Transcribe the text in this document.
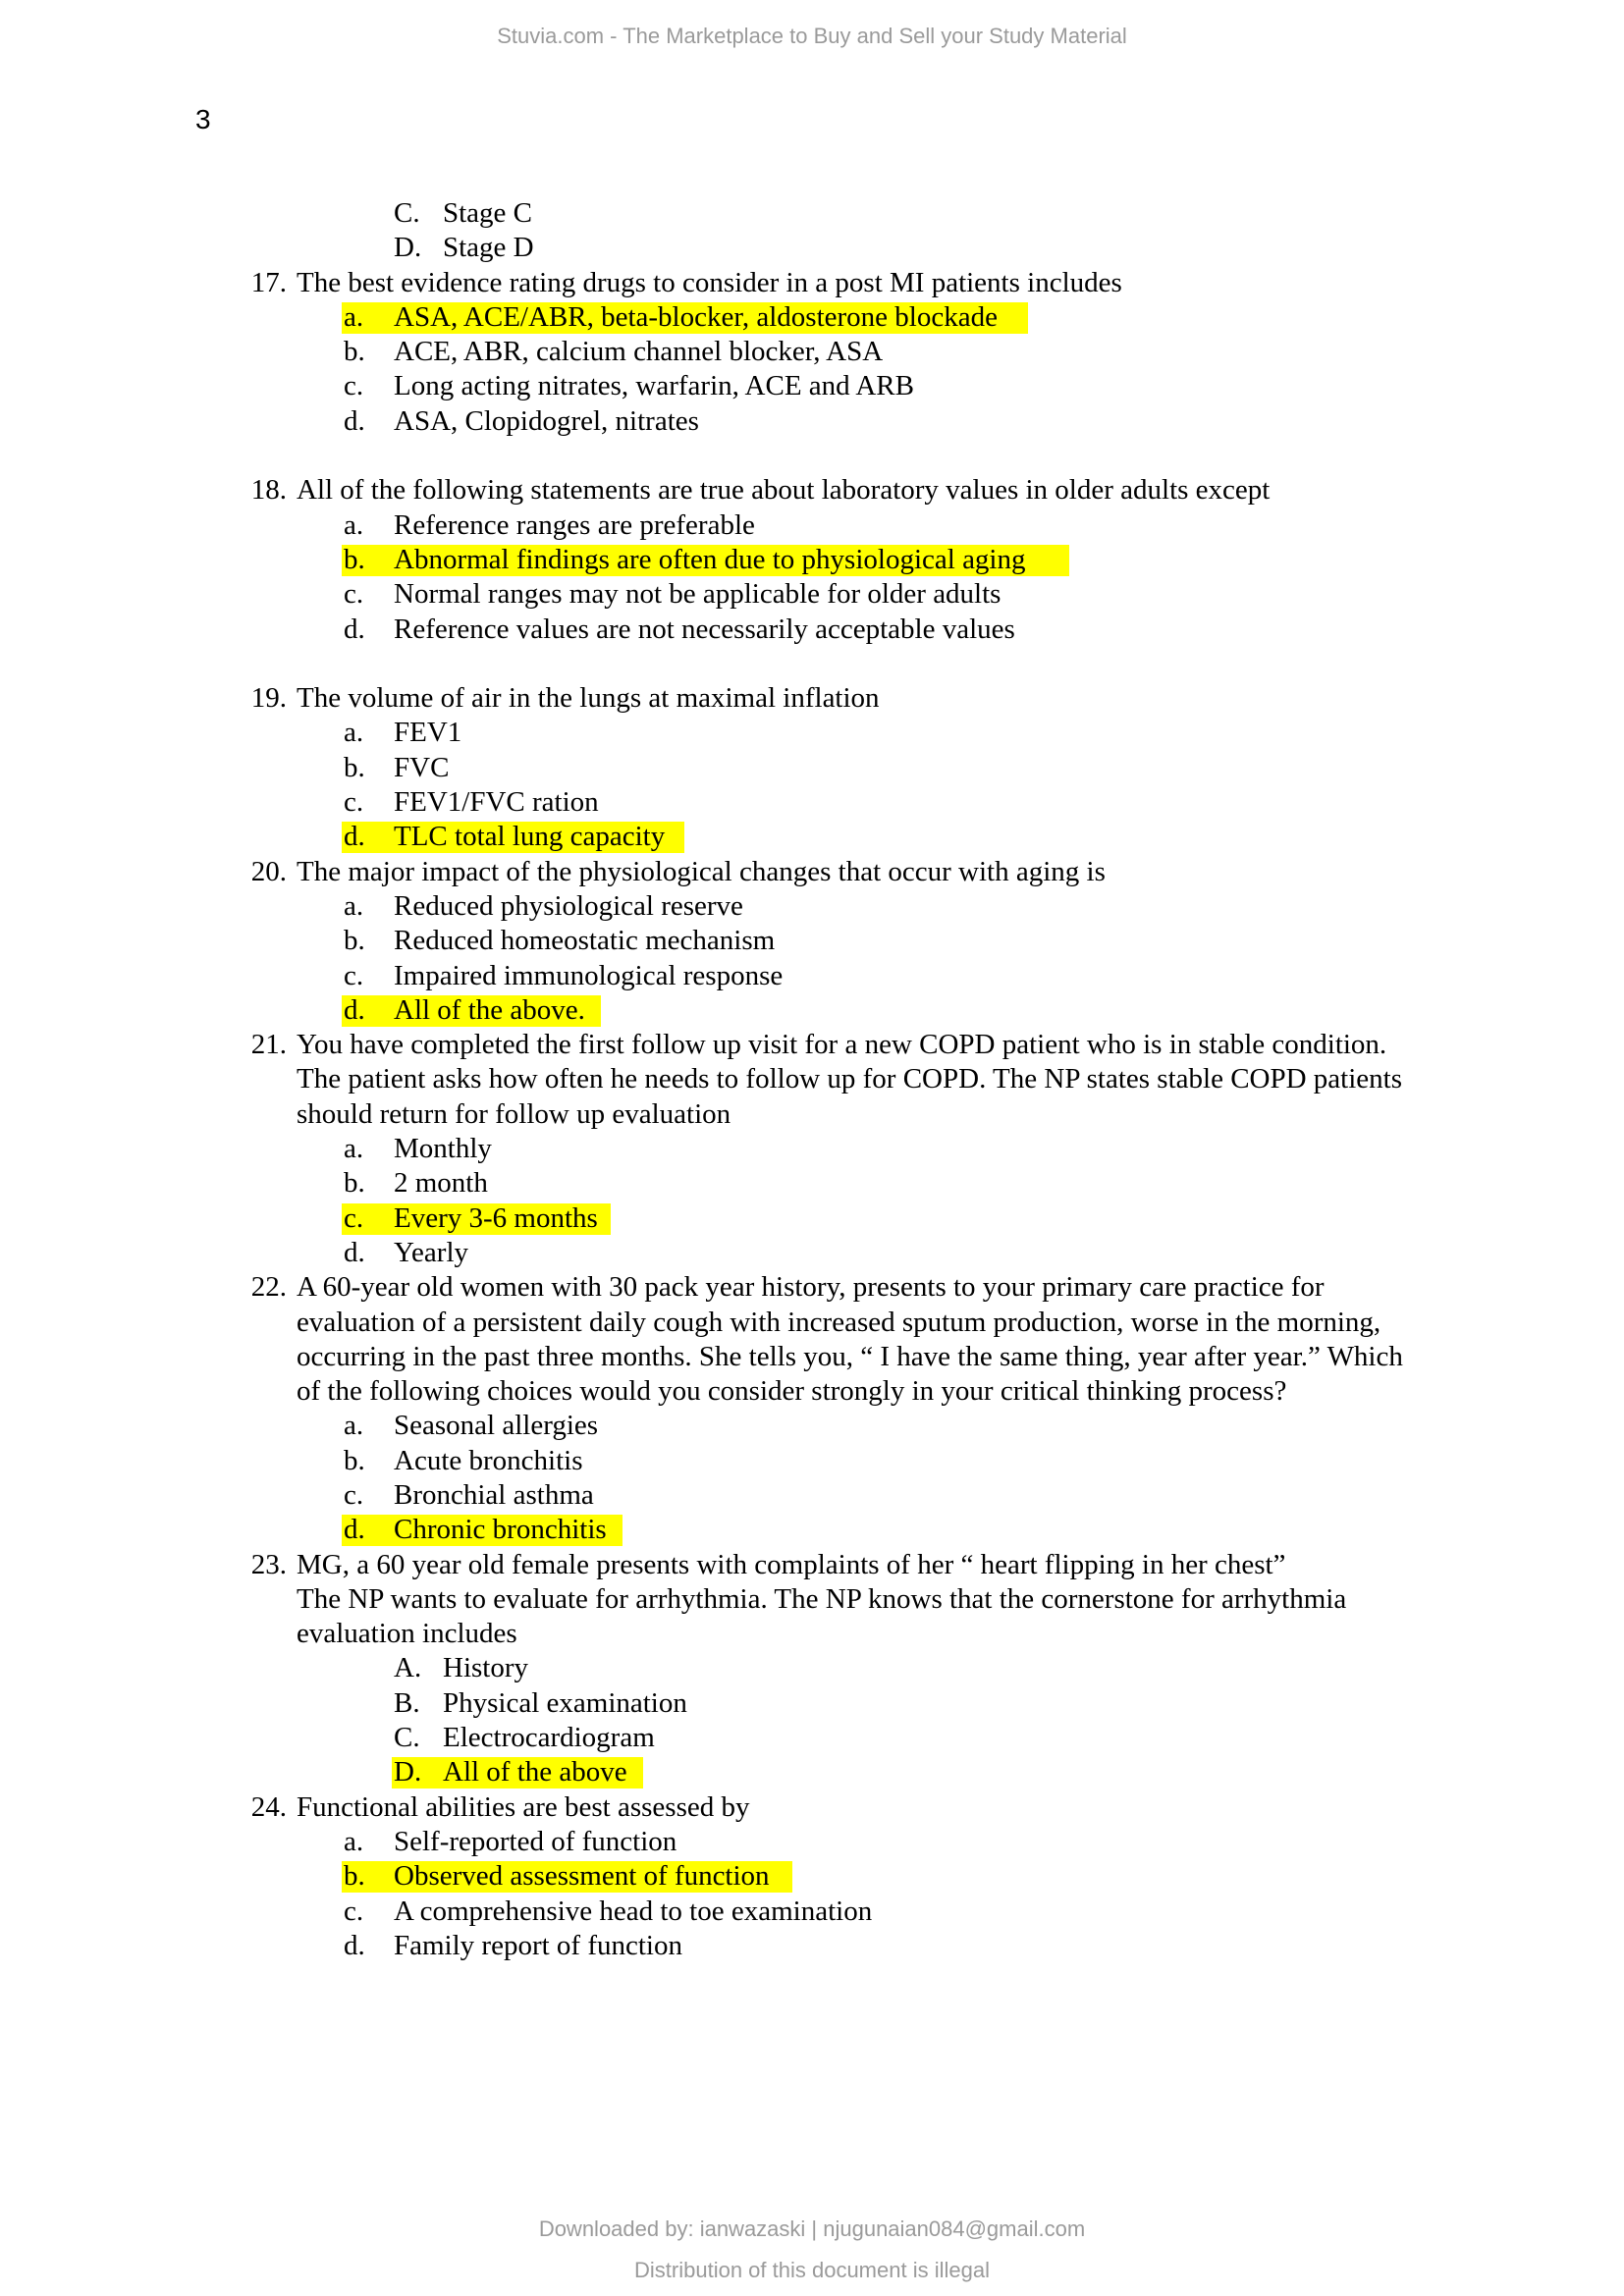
Stuvia.com - The Marketplace to Buy and Sell your Study Material
3
C. Stage C
D. Stage D
17. The best evidence rating drugs to consider in a post MI patients includes
a. ASA, ACE/ABR, beta-blocker, aldosterone blockade
b. ACE, ABR, calcium channel blocker, ASA
c. Long acting nitrates, warfarin, ACE and ARB
d. ASA, Clopidogrel, nitrates
18. All of the following statements are true about laboratory values in older adults except
a. Reference ranges are preferable
b. Abnormal findings are often due to physiological aging
c. Normal ranges may not be applicable for older adults
d. Reference values are not necessarily acceptable values
19. The volume of air in the lungs at maximal inflation
a. FEV1
b. FVC
c. FEV1/FVC ration
d. TLC total lung capacity
20. The major impact of the physiological changes that occur with aging is
a. Reduced physiological reserve
b. Reduced homeostatic mechanism
c. Impaired immunological response
d. All of the above.
21. You have completed the first follow up visit for a new COPD patient who is in stable condition.
The patient asks how often he needs to follow up for COPD. The NP states stable COPD patients
should return for follow up evaluation
a. Monthly
b. 2 month
c. Every 3-6 months
d. Yearly
22. A 60-year old women with 30 pack year history, presents to your primary care practice for
evaluation of a persistent daily cough with increased sputum production, worse in the morning,
occurring in the past three months. She tells you, “ I have the same thing, year after year.” Which
of the following choices would you consider strongly in your critical thinking process?
a. Seasonal allergies
b. Acute bronchitis
c. Bronchial asthma
d. Chronic bronchitis
23. MG, a 60 year old female presents with complaints of her “ heart flipping in her chest”
The NP wants to evaluate for arrhythmia. The NP knows that the cornerstone for arrhythmia
evaluation includes
A. History
B. Physical examination
C. Electrocardiogram
D. All of the above
24. Functional abilities are best assessed by
a. Self-reported of function
b. Observed assessment of function
c. A comprehensive head to toe examination
d. Family report of function
Downloaded by: ianwazaski | njugunaian084@gmail.com
Distribution of this document is illegal
